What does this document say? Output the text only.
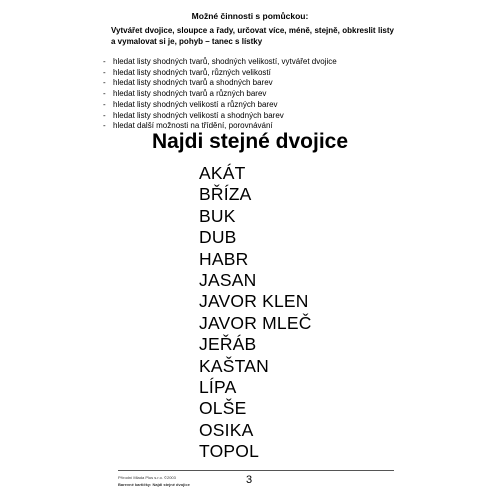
Možné činnosti s pomůckou:
Vytvářet dvojice, sloupce a řady, určovat více, méně, stejně, obkreslit listy a vymalovat si je, pohyb – tanec s lístky
- hledat listy shodných tvarů, shodných velikostí, vytvářet dvojice
- hledat listy shodných tvarů, různých velikostí
- hledat listy shodných tvarů a shodných barev
- hledat listy shodných tvarů a různých barev
- hledat listy shodných velikostí a různých barev
- hledat listy shodných velikostí a shodných barev
- hledat další možnosti na třídění, porovnávání
Najdi stejné dvojice
AKÁT
BŘÍZA
BUK
DUB
HABR
JASAN
JAVOR KLEN
JAVOR MLEČ
JEŘÁB
KAŠTAN
LÍPA
OLŠE
OSIKA
TOPOL
Přírodní Mlada Plus s.r.o. ©2003
Barevné kartičky: Najdi stejné dvojice	3
